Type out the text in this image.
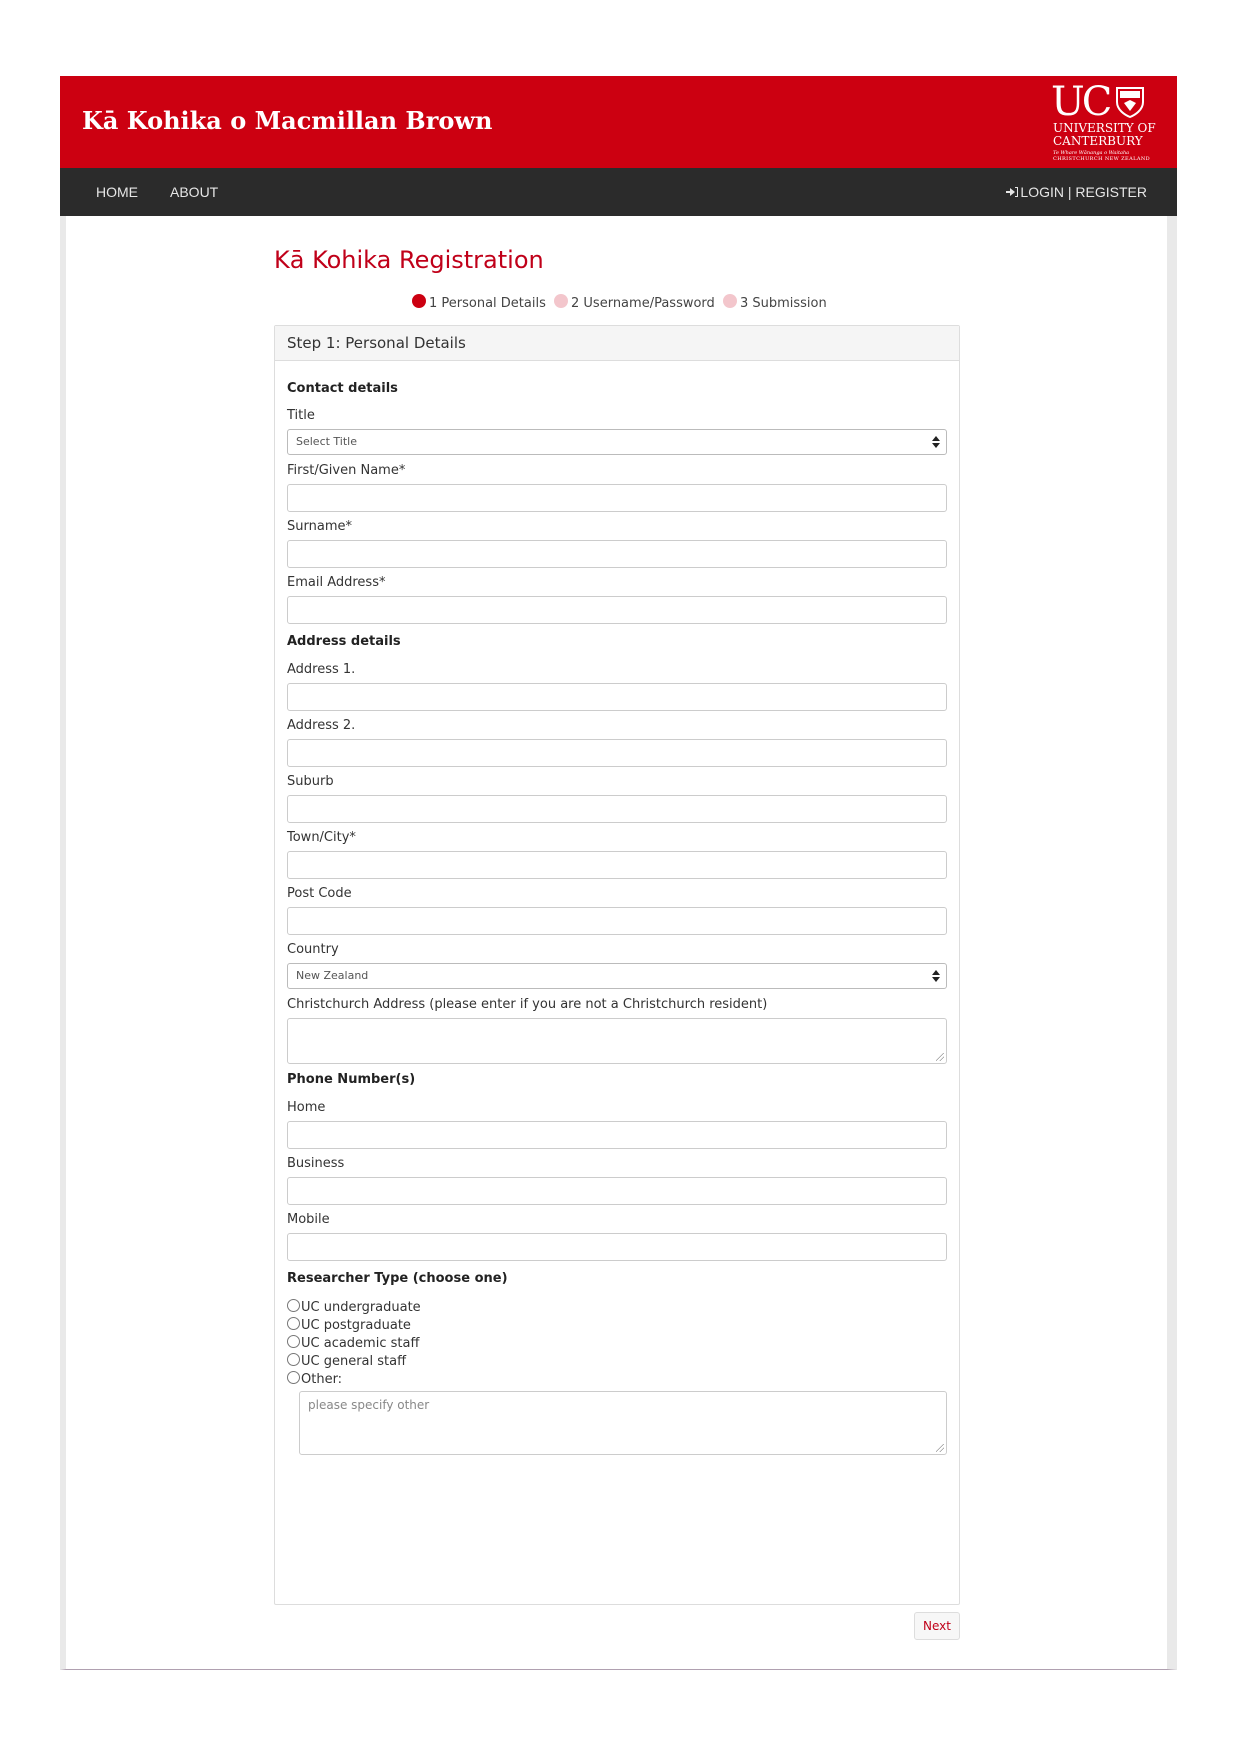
Kā Kohika o Macmillan Brown	UC
UNIVERSITY OF
CANTERBURY
Te Whare Wānanga o Waitaha
CHRISTCHURCH NEW ZEALAND
HOME ABOUT	LOGIN | REGISTER
Kā Kohika Registration
1 Personal Details 2 Username/Password 3 Submission
Step 1: Personal Details
Contact details
Title
Select Title
First/Given Name*
Surname*
Email Address*
Address details
Address 1.
Address 2.
Suburb
Town/City*
Post Code
Country
New Zealand
Christchurch Address (please enter if you are not a Christchurch resident)
Phone Number(s)
Home
Business
Mobile
Researcher Type (choose one)
UC undergraduate
UC postgraduate
UC academic staff
UC general staff
Other:
please specify other
Next
